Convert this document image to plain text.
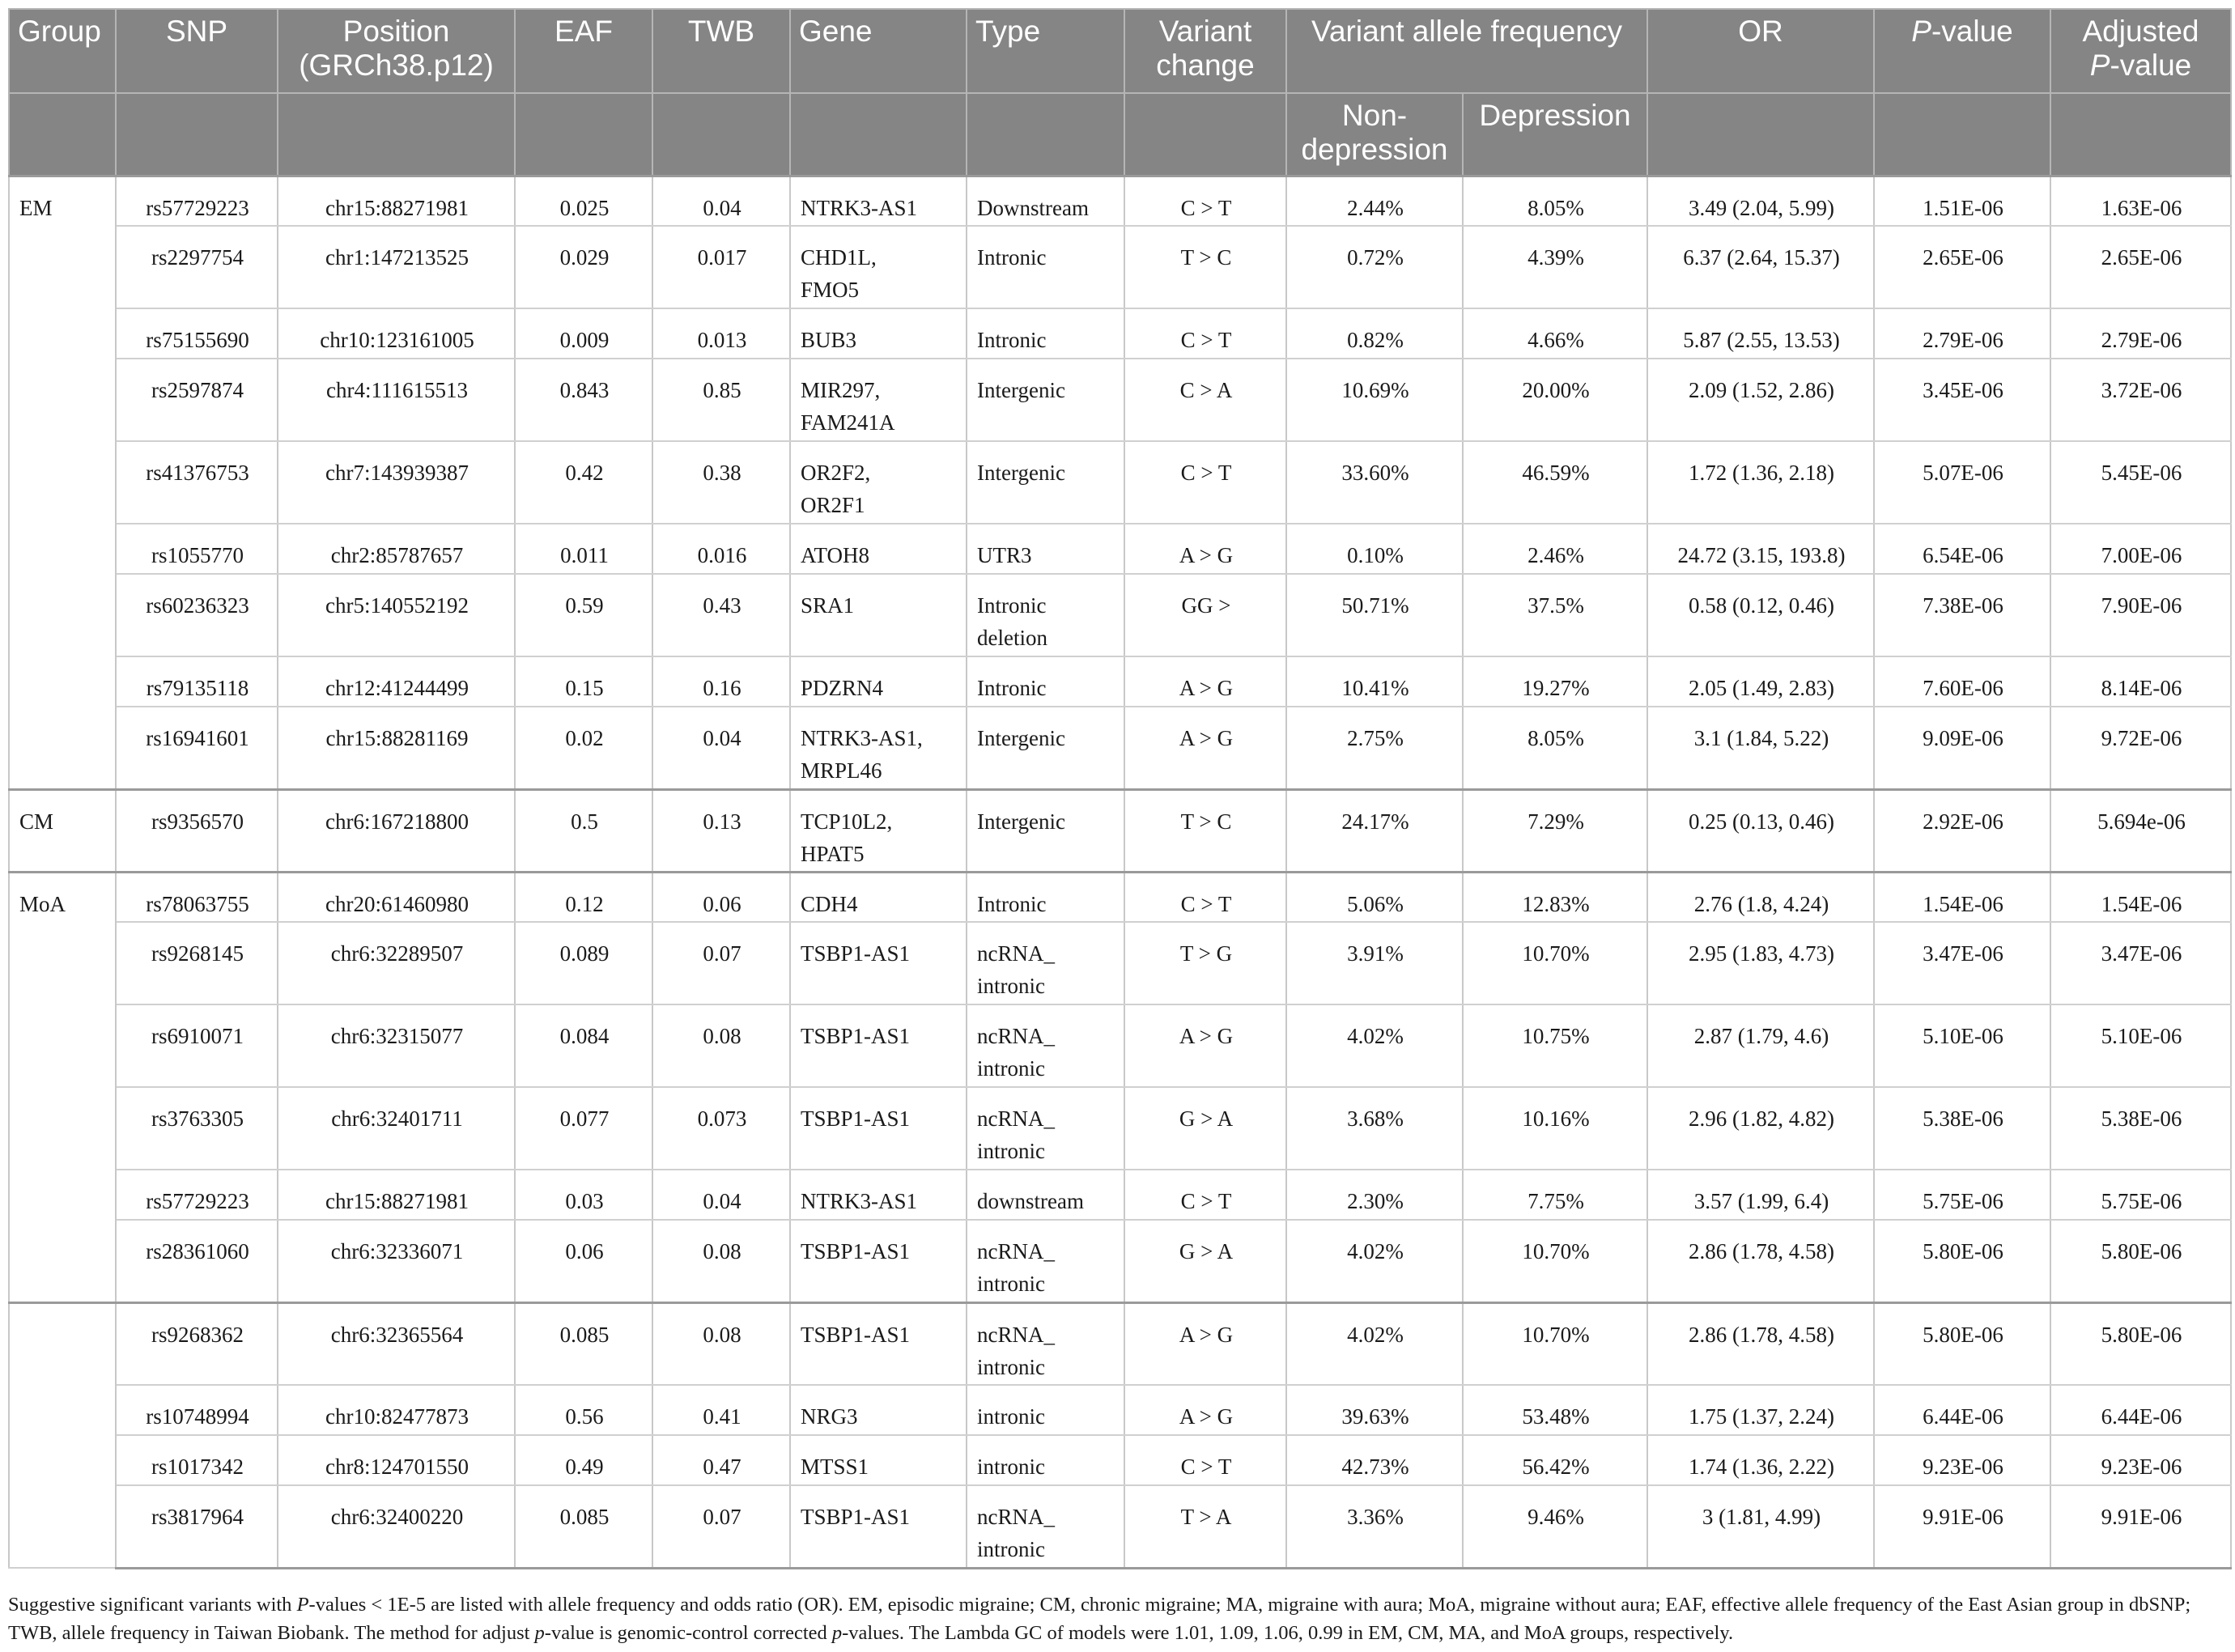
Group	SNP	Position (GRCh38.p12)	EAF	TWB	Gene	Type	Variant change	Variant allele frequency		OR	P-value	Adjusted
P-value
								Non-depression	Depression			
EM	rs57729223	chr15:88271981	0.025	0.04	NTRK3-AS1	Downstream	C > T	2.44%	8.05%	3.49 (2.04, 5.99)	1.51E-06	1.63E-06
	rs2297754	chr1:147213525	0.029	0.017	CHD1L,
FMO5	Intronic	T > C	0.72%	4.39%	6.37 (2.64, 15.37)	2.65E-06	2.65E-06
	rs75155690	chr10:123161005	0.009	0.013	BUB3	Intronic	C > T	0.82%	4.66%	5.87 (2.55, 13.53)	2.79E-06	2.79E-06
	rs2597874	chr4:111615513	0.843	0.85	MIR297,
FAM241A	Intergenic	C > A	10.69%	20.00%	2.09 (1.52, 2.86)	3.45E-06	3.72E-06
	rs41376753	chr7:143939387	0.42	0.38	OR2F2,
OR2F1	Intergenic	C > T	33.60%	46.59%	1.72 (1.36, 2.18)	5.07E-06	5.45E-06
	rs1055770	chr2:85787657	0.011	0.016	ATOH8	UTR3	A > G	0.10%	2.46%	24.72 (3.15, 193.8)	6.54E-06	7.00E-06
	rs60236323	chr5:140552192	0.59	0.43	SRA1	Intronic
deletion	GG >	50.71%	37.5%	0.58 (0.12, 0.46)	7.38E-06	7.90E-06
	rs79135118	chr12:41244499	0.15	0.16	PDZRN4	Intronic	A > G	10.41%	19.27%	2.05 (1.49, 2.83)	7.60E-06	8.14E-06
	rs16941601	chr15:88281169	0.02	0.04	NTRK3-AS1,
MRPL46	Intergenic	A > G	2.75%	8.05%	3.1 (1.84, 5.22)	9.09E-06	9.72E-06
CM	rs9356570	chr6:167218800	0.5	0.13	TCP10L2,
HPAT5	Intergenic	T > C	24.17%	7.29%	0.25 (0.13, 0.46)	2.92E-06	5.694e-06
MoA	rs78063755	chr20:61460980	0.12	0.06	CDH4	Intronic	C > T	5.06%	12.83%	2.76 (1.8, 4.24)	1.54E-06	1.54E-06
	rs9268145	chr6:32289507	0.089	0.07	TSBP1-AS1	ncRNA_
intronic	T > G	3.91%	10.70%	2.95 (1.83, 4.73)	3.47E-06	3.47E-06
	rs6910071	chr6:32315077	0.084	0.08	TSBP1-AS1	ncRNA_
intronic	A > G	4.02%	10.75%	2.87 (1.79, 4.6)	5.10E-06	5.10E-06
	rs3763305	chr6:32401711	0.077	0.073	TSBP1-AS1	ncRNA_
intronic	G > A	3.68%	10.16%	2.96 (1.82, 4.82)	5.38E-06	5.38E-06
	rs57729223	chr15:88271981	0.03	0.04	NTRK3-AS1	downstream	C > T	2.30%	7.75%	3.57 (1.99, 6.4)	5.75E-06	5.75E-06
	rs28361060	chr6:32336071	0.06	0.08	TSBP1-AS1	ncRNA_
intronic	G > A	4.02%	10.70%	2.86 (1.78, 4.58)	5.80E-06	5.80E-06
	rs9268362	chr6:32365564	0.085	0.08	TSBP1-AS1	ncRNA_
intronic	A > G	4.02%	10.70%	2.86 (1.78, 4.58)	5.80E-06	5.80E-06
	rs10748994	chr10:82477873	0.56	0.41	NRG3	intronic	A > G	39.63%	53.48%	1.75 (1.37, 2.24)	6.44E-06	6.44E-06
	rs1017342	chr8:124701550	0.49	0.47	MTSS1	intronic	C > T	42.73%	56.42%	1.74 (1.36, 2.22)	9.23E-06	9.23E-06
	rs3817964	chr6:32400220	0.085	0.07	TSBP1-AS1	ncRNA_
intronic	T > A	3.36%	9.46%	3 (1.81, 4.99)	9.91E-06	9.91E-06

Suggestive significant variants with P-values < 1E-5 are listed with allele frequency and odds ratio (OR). EM, episodic migraine; CM, chronic migraine; MA, migraine with aura; MoA, migraine without aura; EAF, effective allele frequency of the East Asian group in dbSNP; TWB, allele frequency in Taiwan Biobank. The method for adjust p-value is genomic-control corrected p-values. The Lambda GC of models were 1.01, 1.09, 1.06, 0.99 in EM, CM, MA, and MoA groups, respectively.
